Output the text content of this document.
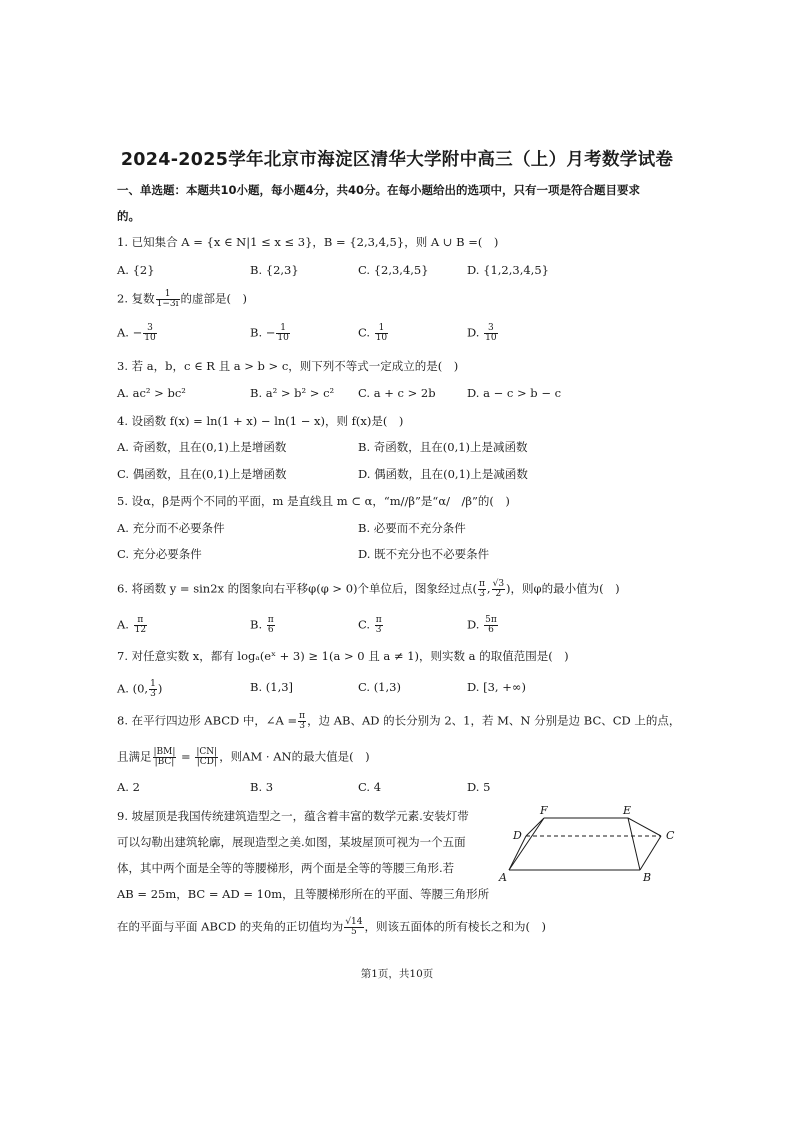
2024-2025学年北京市海淀区清华大学附中高三（上）月考数学试卷
一、单选题：本题共10小题，每小题4分，共40分。在每小题给出的选项中，只有一项是符合题目要求
的。
1. 已知集合 A = {x ∈ N|1 ≤ x ≤ 3}，B = {2,3,4,5}，则 A ∪ B =(　)
A. {2}	B. {2,3}	C. {2,3,4,5}	D. {1,2,3,4,5}
2. 复数 $\frac{1}{1-3i}$ 的虚部是(　)
A. − $\frac{3}{10}$	B. − $\frac{1}{10}$	C. $\frac{1}{10}$	D. $\frac{3}{10}$
3. 若 a，b，c ∈ R 且 a > b > c，则下列不等式一定成立的是(　)
A. ac² > bc²	B. a² > b² > c² C. a + c > 2b	D. a − c > b − c
4. 设函数 f(x) = ln(1 + x) − ln(1 − x)，则 f(x)是(　)
A. 奇函数，且在(0,1)上是增函数	B. 奇函数，且在(0,1)上是减函数
C. 偶函数，且在(0,1)上是增函数	D. 偶函数，且在(0,1)上是减函数
5. 设α，β是两个不同的平面，m 是直线且 m ⊂ α，“m//β”是“α/　/β”的(　)
A. 充分而不必要条件	B. 必要而不充分条件
C. 充分必要条件	D. 既不充分也不必要条件
6. 将函数 y = sin2x 的图象向右平移φ(φ > 0)个单位后，图象经过点( $\frac{\pi}{3}$ , $\frac{√3}{2}$ )，则φ的最小值为(　)
A. $\frac{\pi}{12}$	B. $\frac{\pi}{6}$	C. $\frac{\pi}{3}$	D. $\frac{5\pi}{6}$
7. 对任意实数 x，都有 logₐ(eˣ + 3) ≥ 1(a > 0 且 a ≠ 1)，则实数 a 的取值范围是(　)
A. (0, $\frac{1}{3}$ )	B. (1,3]	C. (1,3)	D. [3, +∞)
8. 在平行四边形 ABCD 中，∠A = $\frac{\pi}{3}$ ，边 AB、AD 的长分别为 2、1，若 M、N 分别是边 BC、CD 上的点，
且满足 $\frac{|BM|}{|BC|} = \frac{|CN|}{|CD|}$ ，则AM · AN的最大值是(　)
A. 2	B. 3	C. 4	D. 5
9. 坡屋顶是我国传统建筑造型之一，蕴含着丰富的数学元素.安装灯带
可以勾勒出建筑轮廓，展现造型之美.如图，某坡屋顶可视为一个五面
体，其中两个面是全等的等腰梯形，两个面是全等的等腰三角形.若
AB = 25m，BC = AD = 10m，且等腰梯形所在的平面、等腰三角形所
在的平面与平面 ABCD 的夹角的正切值均为 $\frac{√14}{5}$ ，则该五面体的所有棱长之和为(　)
F	E
D	C
A	B
第1页，共10页
